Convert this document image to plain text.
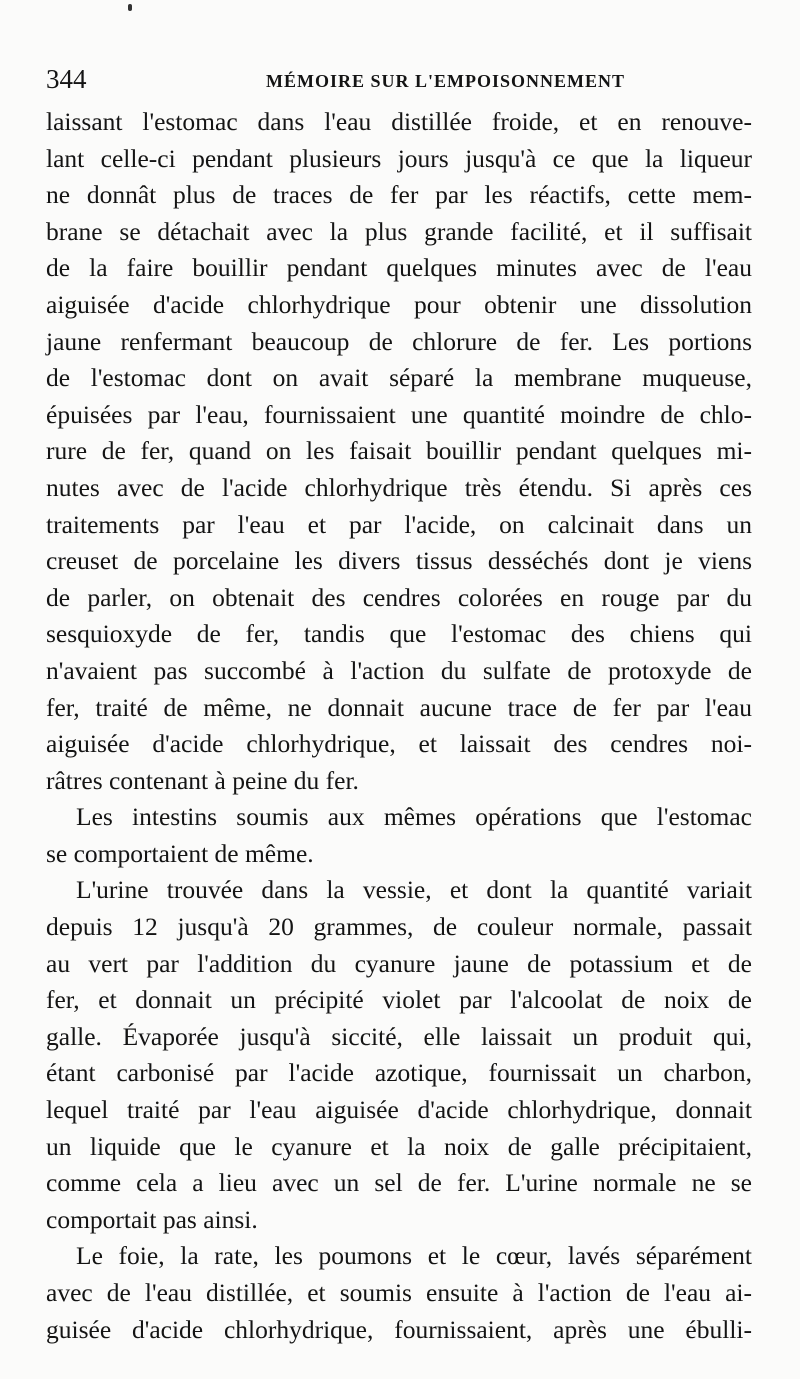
344	MÉMOIRE SUR L'EMPOISONNEMENT
laissant l'estomac dans l'eau distillée froide, et en renouve-
lant celle-ci pendant plusieurs jours jusqu'à ce que la liqueur
ne donnât plus de traces de fer par les réactifs, cette mem-
brane se détachait avec la plus grande facilité, et il suffisait
de la faire bouillir pendant quelques minutes avec de l'eau
aiguisée d'acide chlorhydrique pour obtenir une dissolution
jaune renfermant beaucoup de chlorure de fer. Les portions
de l'estomac dont on avait séparé la membrane muqueuse,
épuisées par l'eau, fournissaient une quantité moindre de chlo-
rure de fer, quand on les faisait bouillir pendant quelques mi-
nutes avec de l'acide chlorhydrique très étendu. Si après ces
traitements par l'eau et par l'acide, on calcinait dans un
creuset de porcelaine les divers tissus desséchés dont je viens
de parler, on obtenait des cendres colorées en rouge par du
sesquioxyde de fer, tandis que l'estomac des chiens qui
n'avaient pas succombé à l'action du sulfate de protoxyde de
fer, traité de même, ne donnait aucune trace de fer par l'eau
aiguisée d'acide chlorhydrique, et laissait des cendres noi-
râtres contenant à peine du fer.
Les intestins soumis aux mêmes opérations que l'estomac
se comportaient de même.
L'urine trouvée dans la vessie, et dont la quantité variait
depuis 12 jusqu'à 20 grammes, de couleur normale, passait
au vert par l'addition du cyanure jaune de potassium et de
fer, et donnait un précipité violet par l'alcoolat de noix de
galle. Évaporée jusqu'à siccité, elle laissait un produit qui,
étant carbonisé par l'acide azotique, fournissait un charbon,
lequel traité par l'eau aiguisée d'acide chlorhydrique, donnait
un liquide que le cyanure et la noix de galle précipitaient,
comme cela a lieu avec un sel de fer. L'urine normale ne se
comportait pas ainsi.
Le foie, la rate, les poumons et le cœur, lavés séparément
avec de l'eau distillée, et soumis ensuite à l'action de l'eau ai-
guisée d'acide chlorhydrique, fournissaient, après une ébulli-
